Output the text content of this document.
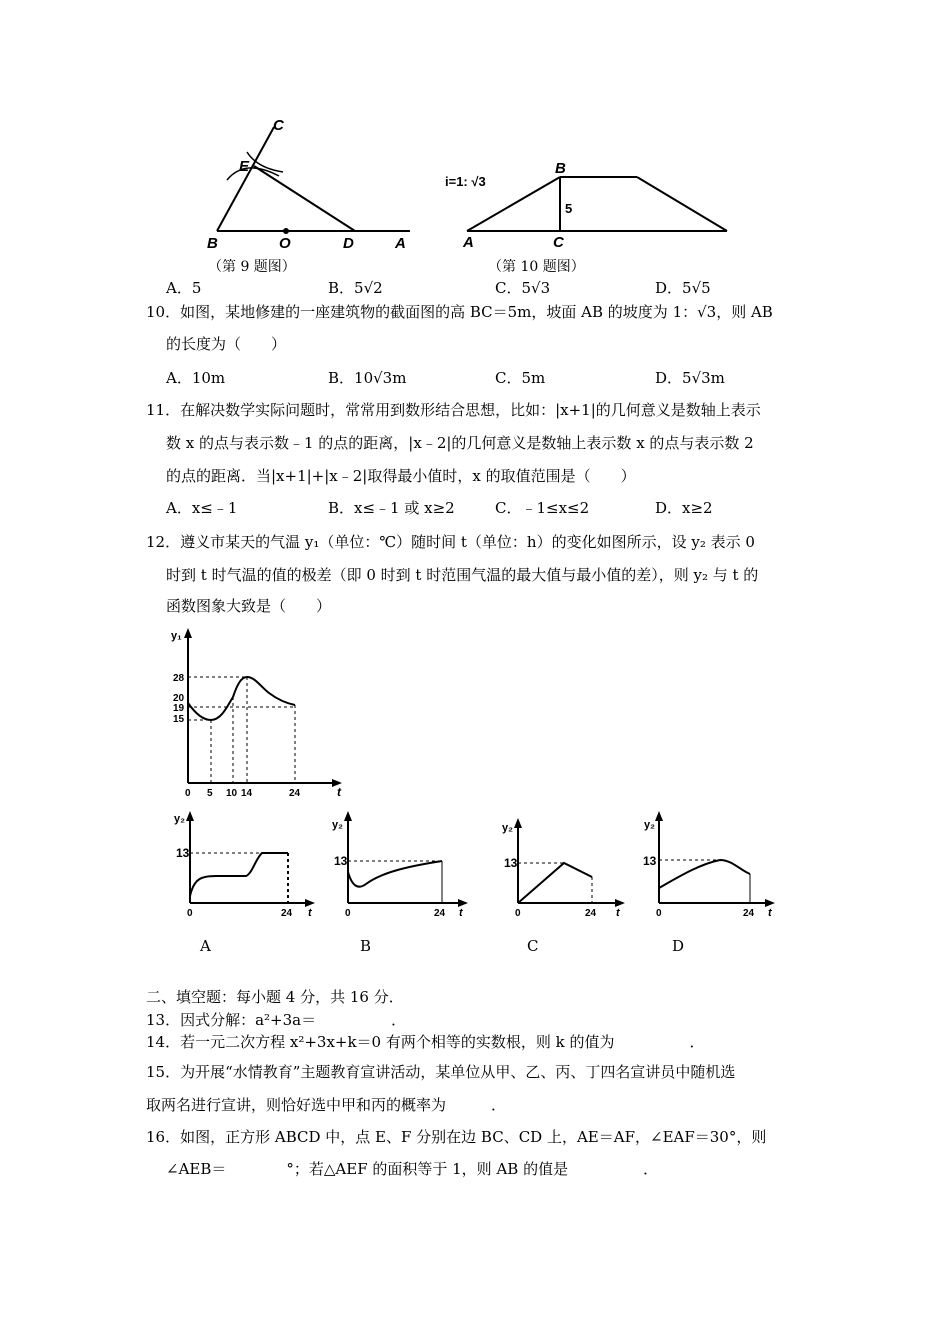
C
E
B	O	D	A
（第 9 题图）
i=1: √3
B
A	C
5
（第 10 题图）
A．5	B．5√2	C．5√3	D．5√5
10．如图，某地修建的一座建筑物的截面图的高 BC＝5m，坡面 AB 的坡度为 1：√3，则 AB
的长度为（　　）
A．10m	B．10√3m	C．5m	D．5√3m
11．在解决数学实际问题时，常常用到数形结合思想，比如：|x+1|的几何意义是数轴上表示
数 x 的点与表示数﹣1 的点的距离，|x﹣2|的几何意义是数轴上表示数 x 的点与表示数 2
的点的距离．当|x+1|+|x﹣2|取得最小值时，x 的取值范围是（　　）
A．x≤﹣1	B．x≤﹣1 或 x≥2	C．﹣1≤x≤2	D．x≥2
12．遵义市某天的气温 y₁（单位：℃）随时间 t（单位：h）的变化如图所示，设 y₂ 表示 0
时到 t 时气温的值的极差（即 0 时到 t 时范围气温的最大值与最小值的差），则 y₂ 与 t 的
函数图象大致是（　　）
y₁
28
20
19
15
0 5 10 14	24	t
y₂
13
0	24 t
A
y₂
13
0	24 t
B
y₂
13
0	24 t
C
y₂
13
0	24 t
D
二、填空题：每小题 4 分，共 16 分．
13．因式分解：a²+3a＝　　　　　．
14．若一元二次方程 x²+3x+k＝0 有两个相等的实数根，则 k 的值为　　　　　．
15．为开展“水情教育”主题教育宣讲活动，某单位从甲、乙、丙、丁四名宣讲员中随机选
取两名进行宣讲，则恰好选中甲和丙的概率为　　　．
16．如图，正方形 ABCD 中，点 E、F 分别在边 BC、CD 上，AE＝AF，∠EAF＝30°，则
∠AEB＝　　　　°；若△AEF 的面积等于 1，则 AB 的值是　　　　　．
